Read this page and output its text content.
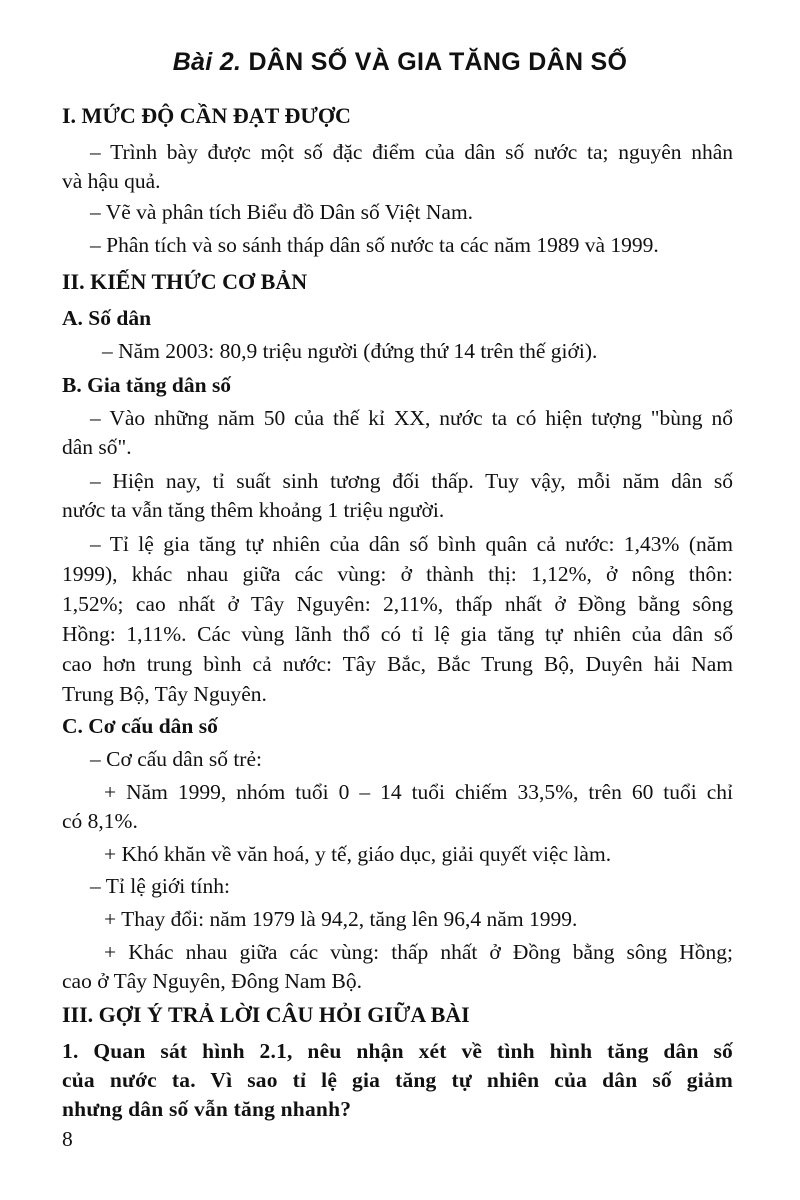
Bài 2. DÂN SỐ VÀ GIA TĂNG DÂN SỐ
I. MỨC ĐỘ CẦN ĐẠT ĐƯỢC
– Trình bày được một số đặc điểm của dân số nước ta; nguyên nhân
và hậu quả.
– Vẽ và phân tích Biểu đồ Dân số Việt Nam.
– Phân tích và so sánh tháp dân số nước ta các năm 1989 và 1999.
II. KIẾN THỨC CƠ BẢN
A. Số dân
– Năm 2003: 80,9 triệu người (đứng thứ 14 trên thế giới).
B. Gia tăng dân số
– Vào những năm 50 của thế kỉ XX, nước ta có hiện tượng "bùng nổ
dân số".
– Hiện nay, tỉ suất sinh tương đối thấp. Tuy vậy, mỗi năm dân số
nước ta vẫn tăng thêm khoảng 1 triệu người.
– Tỉ lệ gia tăng tự nhiên của dân số bình quân cả nước: 1,43% (năm
1999), khác nhau giữa các vùng: ở thành thị: 1,12%, ở nông thôn:
1,52%; cao nhất ở Tây Nguyên: 2,11%, thấp nhất ở Đồng bằng sông
Hồng: 1,11%. Các vùng lãnh thổ có tỉ lệ gia tăng tự nhiên của dân số
cao hơn trung bình cả nước: Tây Bắc, Bắc Trung Bộ, Duyên hải Nam
Trung Bộ, Tây Nguyên.
C. Cơ cấu dân số
– Cơ cấu dân số trẻ:
+ Năm 1999, nhóm tuổi 0 – 14 tuổi chiếm 33,5%, trên 60 tuổi chỉ
có 8,1%.
+ Khó khăn về văn hoá, y tế, giáo dục, giải quyết việc làm.
– Tỉ lệ giới tính:
+ Thay đổi: năm 1979 là 94,2, tăng lên 96,4 năm 1999.
+ Khác nhau giữa các vùng: thấp nhất ở Đồng bằng sông Hồng;
cao ở Tây Nguyên, Đông Nam Bộ.
III. GỢI Ý TRẢ LỜI CÂU HỎI GIỮA BÀI
1. Quan sát hình 2.1, nêu nhận xét về tình hình tăng dân số
của nước ta. Vì sao tỉ lệ gia tăng tự nhiên của dân số giảm
nhưng dân số vẫn tăng nhanh?
8
